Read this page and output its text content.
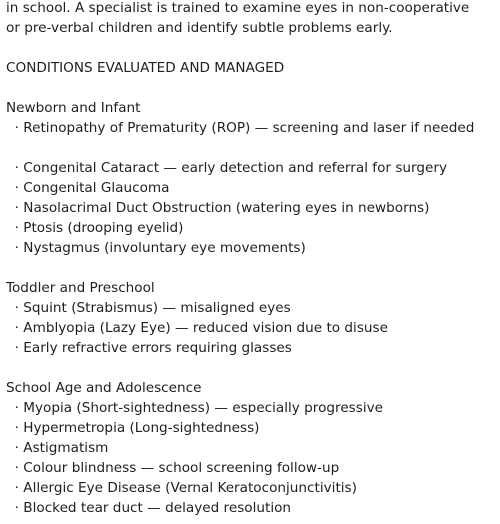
in school. A specialist is trained to examine eyes in non-cooperative
or pre-verbal children and identify subtle problems early.
CONDITIONS EVALUATED AND MANAGED
Newborn and Infant
· Retinopathy of Prematurity (ROP) — screening and laser if needed
· Congenital Cataract — early detection and referral for surgery
· Congenital Glaucoma
· Nasolacrimal Duct Obstruction (watering eyes in newborns)
· Ptosis (drooping eyelid)
· Nystagmus (involuntary eye movements)
Toddler and Preschool
· Squint (Strabismus) — misaligned eyes
· Amblyopia (Lazy Eye) — reduced vision due to disuse
· Early refractive errors requiring glasses
School Age and Adolescence
· Myopia (Short-sightedness) — especially progressive
· Hypermetropia (Long-sightedness)
· Astigmatism
· Colour blindness — school screening follow-up
· Allergic Eye Disease (Vernal Keratoconjunctivitis)
· Blocked tear duct — delayed resolution
